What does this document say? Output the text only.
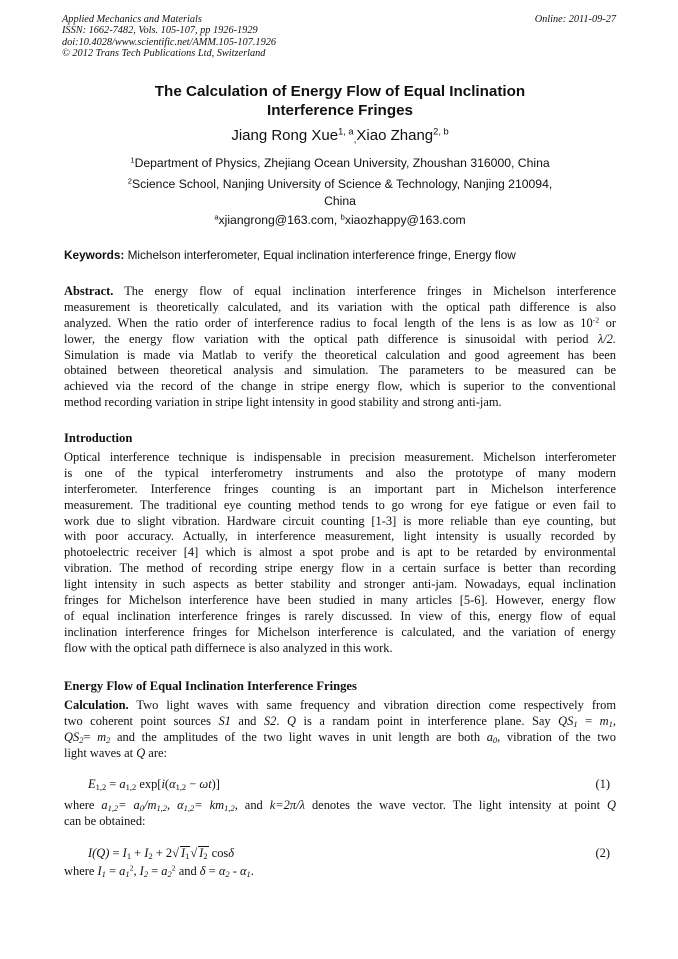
Applied Mechanics and Materials
ISSN: 1662-7482, Vols. 105-107, pp 1926-1929
doi:10.4028/www.scientific.net/AMM.105-107.1926
© 2012 Trans Tech Publications Ltd, Switzerland
Online: 2011-09-27
The Calculation of Energy Flow of Equal Inclination
Interference Fringes
Jiang Rong Xue$^{1, a}_,$Xiao Zhang$^{2, b}$
$^1$Department of Physics, Zhejiang Ocean University, Zhoushan 316000, China
$^2$Science School, Nanjing University of Science & Technology, Nanjing 210094,
China
$^a$xjiangrong@163.com, $^b$xiaozhappy@163.com
Keywords: Michelson interferometer, Equal inclination interference fringe, Energy flow
Abstract. The energy flow of equal inclination interference fringes in Michelson interference
measurement is theoretically calculated, and its variation with the optical path difference is also
analyzed. When the ratio order of interference radius to focal length of the lens is as low as $10^{-2}$ or
lower, the energy flow variation with the optical path difference is sinusoidal with period λ/2.
Simulation is made via Matlab to verify the theoretical calculation and good agreement has been
obtained between theoretical analysis and simulation. The parameters to be measured can be
achieved via the record of the change in stripe energy flow, which is superior to the conventional
method recording variation in stripe light intensity in good stability and strong anti-jam.
Introduction
Optical interference technique is indispensable in precision measurement. Michelson interferometer
is one of the typical interferometry instruments and also the prototype of many modern
interferometer. Interference fringes counting is an important part in Michelson interference
measurement. The traditional eye counting method tends to go wrong for eye fatigue or even fail to
work due to slight vibration. Hardware circuit counting [1-3] is more reliable than eye counting, but
with poor accuracy. Actually, in interference measurement, light intensity is usually recorded by
photoelectric receiver [4] which is almost a spot probe and is apt to be retarded by environmental
vibration. The method of recording stripe energy flow in a certain surface is better than recording
light intensity in such aspects as better stability and stronger anti-jam. Nowadays, equal inclination
fringes for Michelson interference have been studied in many articles [5-6]. However, energy flow
of equal inclination interference fringes is rarely discussed. In view of this, energy flow of equal
inclination interference fringes for Michelson interference is calculated, and the variation of energy
flow with the optical path differnece is also analyzed in this work.
Energy Flow of Equal Inclination Interference Fringes
Calculation. Two light waves with same frequency and vibration direction come respectively from
two coherent point sources S1 and S2. Q is a randam point in interference plane. Say $QS_1 = m_1$,
$QS_2= m_2$ and the amplitudes of the two light waves in unit length are both $a_0$, vibration of the two
light waves at Q are:
$E_{1,2} = a_{1,2}$ $\exp[i(\alpha_{1,2} - \omega t)]$	(1)
where $a_{1,2}= a_0/m_{1,2}$, $\alpha_{1,2}= km_{1,2}$, and k=2π/λ denotes the wave vector. The light intensity at point Q
can be obtained:
$I(Q) = I_1 + I_2 + 2√$ $I_1√$ $I_2$ cosδ	(2)
where $I_1 = a_1^2$, $I_2 = a_2^2$ and $\delta = \alpha_2 - \alpha_1$.
